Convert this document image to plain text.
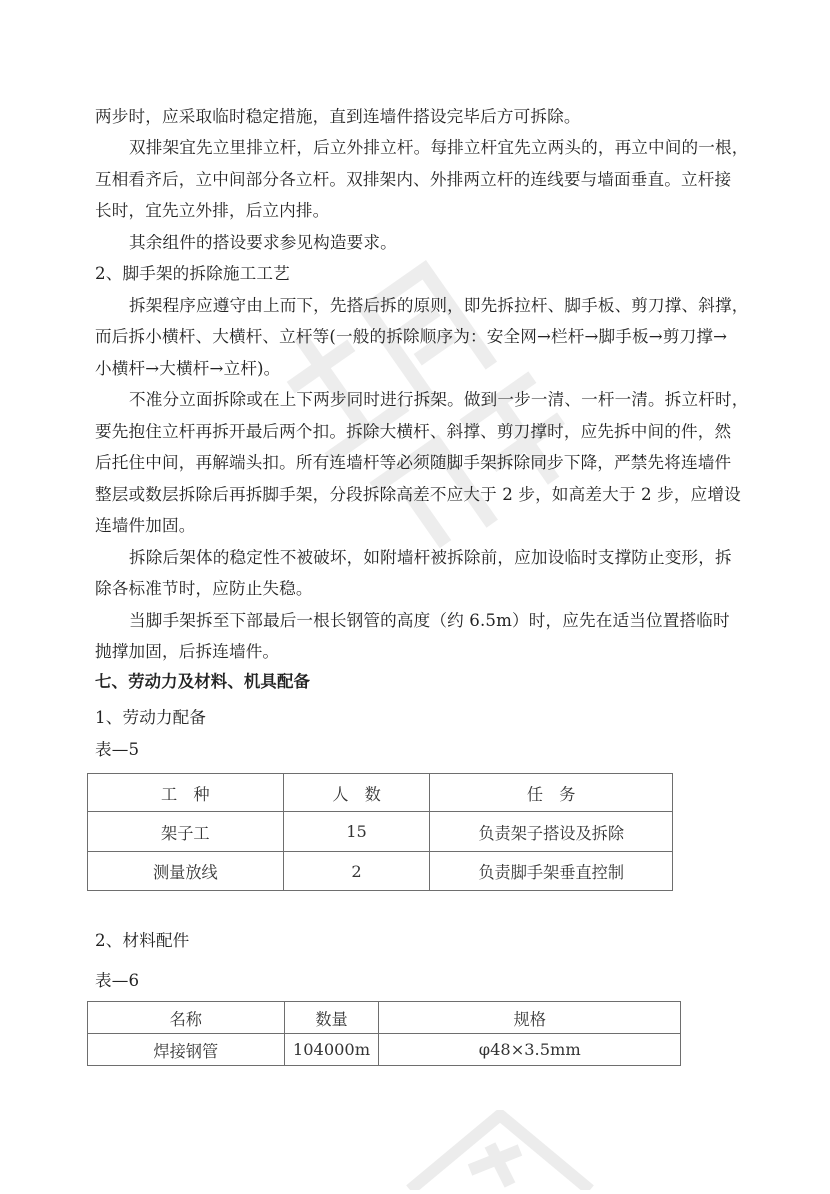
两步时，应采取临时稳定措施，直到连墙件搭设完毕后方可拆除。
双排架宜先立里排立杆，后立外排立杆。每排立杆宜先立两头的，再立中间的一根，
互相看齐后，立中间部分各立杆。双排架内、外排两立杆的连线要与墙面垂直。立杆接
长时，宜先立外排，后立内排。
其余组件的搭设要求参见构造要求。
2、脚手架的拆除施工工艺
拆架程序应遵守由上而下，先搭后拆的原则，即先拆拉杆、脚手板、剪刀撑、斜撑，
而后拆小横杆、大横杆、立杆等(一般的拆除顺序为：安全网→栏杆→脚手板→剪刀撑→
小横杆→大横杆→立杆)。
不准分立面拆除或在上下两步同时进行拆架。做到一步一清、一杆一清。拆立杆时，
要先抱住立杆再拆开最后两个扣。拆除大横杆、斜撑、剪刀撑时，应先拆中间的件，然
后托住中间，再解端头扣。所有连墙杆等必须随脚手架拆除同步下降，严禁先将连墙件
整层或数层拆除后再拆脚手架，分段拆除高差不应大于 2 步，如高差大于 2 步，应增设
连墙件加固。
拆除后架体的稳定性不被破坏，如附墙杆被拆除前，应加设临时支撑防止变形，拆
除各标准节时，应防止失稳。
当脚手架拆至下部最后一根长钢管的高度（约 6.5m）时，应先在适当位置搭临时
抛撑加固，后拆连墙件。
七、劳动力及材料、机具配备
1、劳动力配备
表—5
工　种	人　数	任　务
架子工	15	负责架子搭设及拆除
测量放线	2	负责脚手架垂直控制
2、材料配件
表—6
名称	数量	规格
焊接钢管	104000m	φ48×3.5mm
